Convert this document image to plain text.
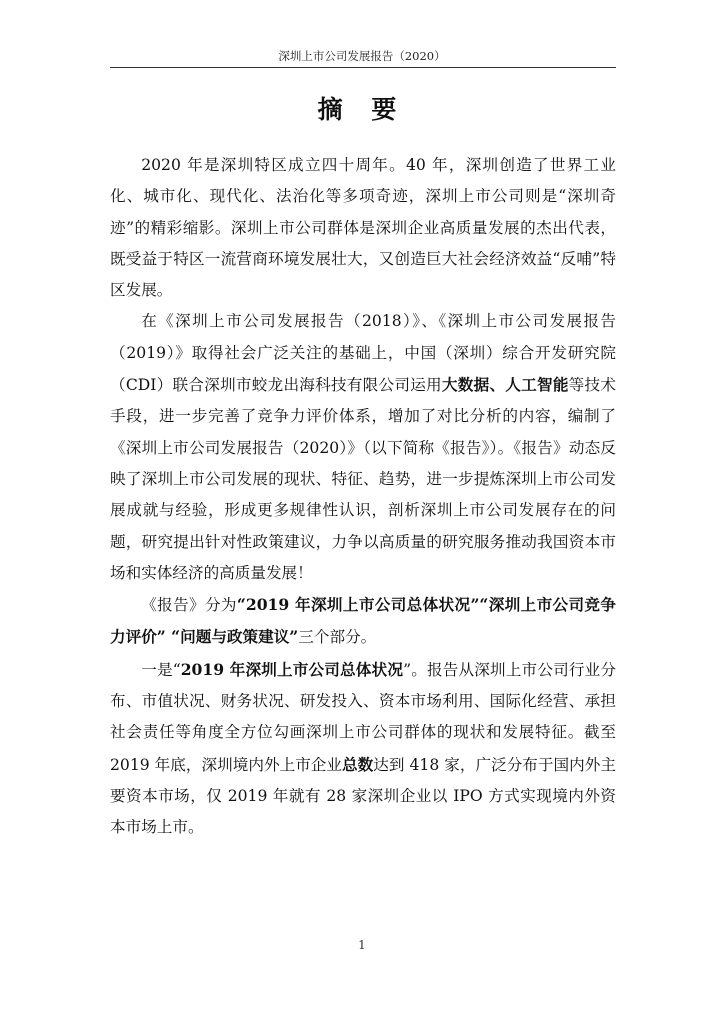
深圳上市公司发展报告（2020）
摘 要

2020 年是深圳特区成立四十周年。40 年，深圳创造了世界工业化、城市化、现代化、法治化等多项奇迹，深圳上市公司则是“深圳奇迹”的精彩缩影。深圳上市公司群体是深圳企业高质量发展的杰出代表，既受益于特区一流营商环境发展壮大，又创造巨大社会经济效益“反哺”特区发展。

在《深圳上市公司发展报告（2018）》、《深圳上市公司发展报告（2019）》取得社会广泛关注的基础上，中国（深圳）综合开发研究院（CDI）联合深圳市蛟龙出海科技有限公司运用大数据、人工智能等技术手段，进一步完善了竞争力评价体系，增加了对比分析的内容，编制了《深圳上市公司发展报告（2020）》（以下简称《报告》）。《报告》动态反映了深圳上市公司发展的现状、特征、趋势，进一步提炼深圳上市公司发展成就与经验，形成更多规律性认识，剖析深圳上市公司发展存在的问题，研究提出针对性政策建议，力争以高质量的研究服务推动我国资本市场和实体经济的高质量发展！

《报告》分为“2019 年深圳上市公司总体状况”“深圳上市公司竞争力评价” “问题与政策建议”三个部分。

一是“2019 年深圳上市公司总体状况”。报告从深圳上市公司行业分布、市值状况、财务状况、研发投入、资本市场利用、国际化经营、承担社会责任等角度全方位勾画深圳上市公司群体的现状和发展特征。截至 2019 年底，深圳境内外上市企业总数达到 418 家，广泛分布于国内外主要资本市场，仅 2019 年就有 28 家深圳企业以 IPO 方式实现境内外资本市场上市。

1
